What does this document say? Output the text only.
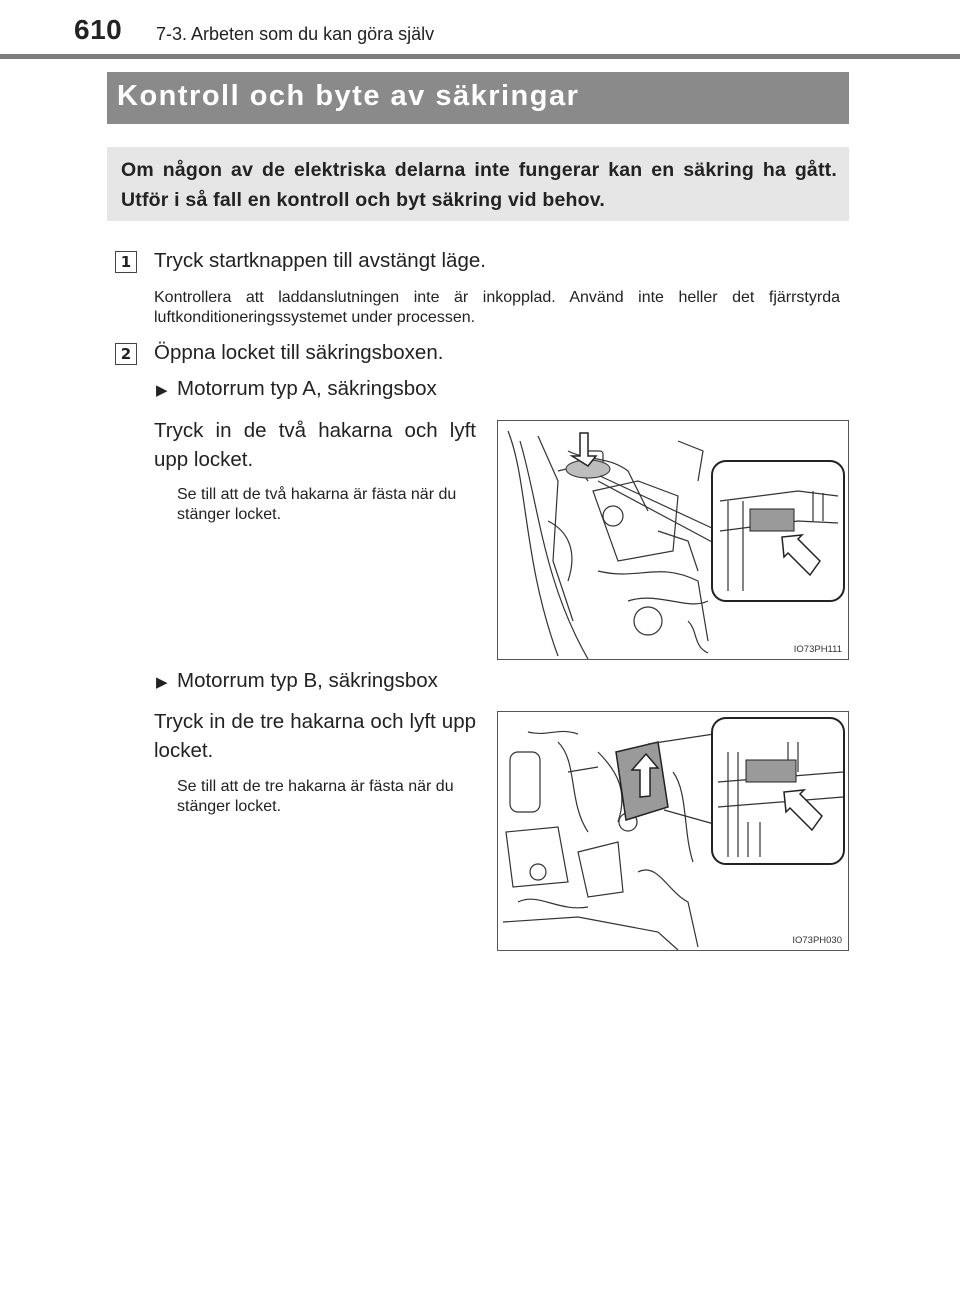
610 7-3. Arbeten som du kan göra själv
Kontroll och byte av säkringar

Om någon av de elektriska delarna inte fungerar kan en säkring ha gått. Utför i så fall en kontroll och byt säkring vid behov.

1 Tryck startknappen till avstängt läge.
Kontrollera att laddanslutningen inte är inkopplad. Använd inte heller det fjärrstyrda luftkonditioneringssystemet under processen.
2 Öppna locket till säkringsboxen.
▶ Motorrum typ A, säkringsbox
Tryck in de två hakarna och lyft upp locket.
Se till att de två hakarna är fästa när du stänger locket.
IO73PH111
▶ Motorrum typ B, säkringsbox
Tryck in de tre hakarna och lyft upp locket.
Se till att de tre hakarna är fästa när du stänger locket.
IO73PH030
